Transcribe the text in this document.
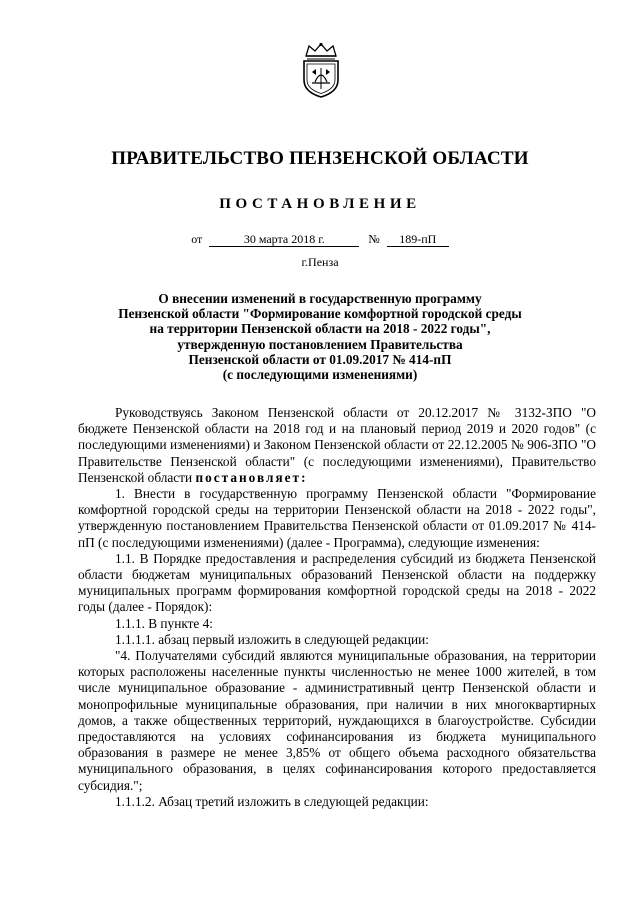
ПРАВИТЕЛЬСТВО ПЕНЗЕНСКОЙ ОБЛАСТИ
ПОСТАНОВЛЕНИЕ
от	30 марта 2018 г.	№ 189-пП
г.Пенза
О внесении изменений в государственную программу
Пензенской области "Формирование комфортной городской среды
на территории Пензенской области на 2018 - 2022 годы",
утвержденную постановлением Правительства
Пензенской области от 01.09.2017 № 414-пП
(с последующими изменениями)

Руководствуясь Законом Пензенской области от 20.12.2017 № 3132-ЗПО "О бюджете Пензенской области на 2018 год и на плановый период 2019 и 2020 годов" (с последующими изменениями) и Законом Пензенской области от 22.12.2005 № 906-ЗПО "О Правительстве Пензенской области" (с последующими изменениями), Правительство Пензенской области постановляет:

1. Внести в государственную программу Пензенской области "Формирование комфортной городской среды на территории Пензенской области на 2018 - 2022 годы", утвержденную постановлением Правительства Пензенской области от 01.09.2017 № 414-пП (с последующими изменениями) (далее - Программа), следующие изменения:

1.1. В Порядке предоставления и распределения субсидий из бюджета Пензенской области бюджетам муниципальных образований Пензенской области на поддержку муниципальных программ формирования комфортной городской среды на 2018 - 2022 годы (далее - Порядок):

1.1.1. В пункте 4:

1.1.1.1. абзац первый изложить в следующей редакции:

"4. Получателями субсидий являются муниципальные образования, на территории которых расположены населенные пункты численностью не менее 1000 жителей, в том числе муниципальное образование - административный центр Пензенской области и монопрофильные муниципальные образования, при наличии в них многоквартирных домов, а также общественных территорий, нуждающихся в благоустройстве. Субсидии предоставляются на условиях софинансирования из бюджета муниципального образования в размере не менее 3,85% от общего объема расходного обязательства муниципального образования, в целях софинансирования которого предоставляется субсидия.";

1.1.1.2. Абзац третий изложить в следующей редакции:
